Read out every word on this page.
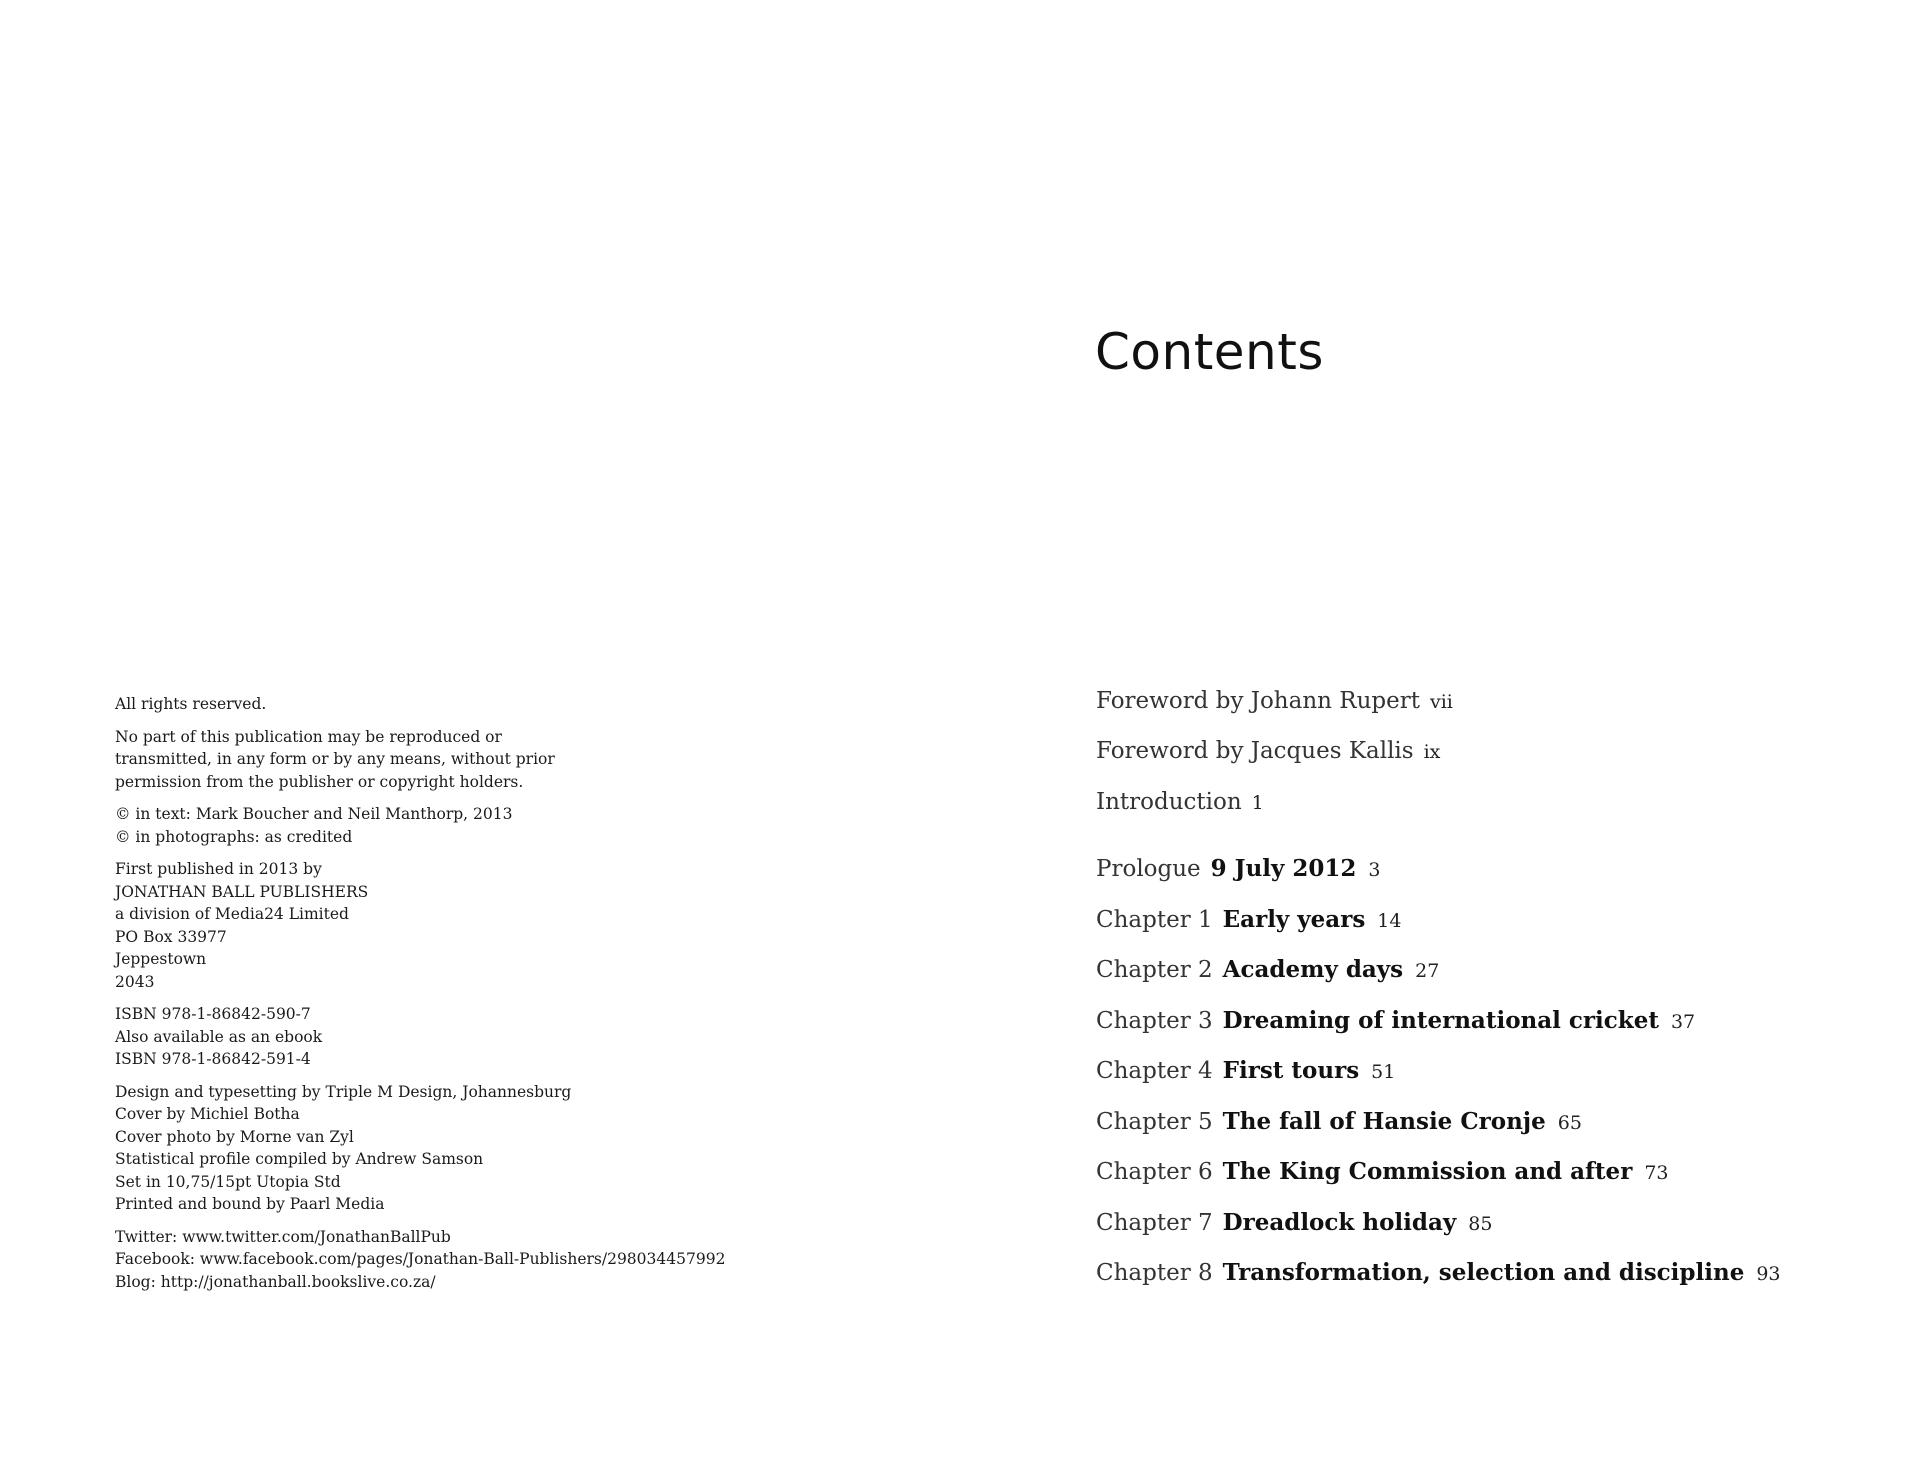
All rights reserved.

No part of this publication may be reproduced or
transmitted, in any form or by any means, without prior
permission from the publisher or copyright holders.

© in text: Mark Boucher and Neil Manthorp, 2013
© in photographs: as credited

First published in 2013 by
JONATHAN BALL PUBLISHERS
a division of Media24 Limited
PO Box 33977
Jeppestown
2043

ISBN 978-1-86842-590-7
Also available as an ebook
ISBN 978-1-86842-591-4

Design and typesetting by Triple M Design, Johannesburg
Cover by Michiel Botha
Cover photo by Morne van Zyl
Statistical profile compiled by Andrew Samson
Set in 10,75/15pt Utopia Std
Printed and bound by Paarl Media

Twitter: www.twitter.com/JonathanBallPub
Facebook: www.facebook.com/pages/Jonathan-Ball-Publishers/298034457992
Blog: http://jonathanball.bookslive.co.za/

Contents
Foreword by Johann Rupert vii
Foreword by Jacques Kallis ix
Introduction 1
Prologue 9 July 2012 3
Chapter 1 Early years 14
Chapter 2 Academy days 27
Chapter 3 Dreaming of international cricket 37
Chapter 4 First tours 51
Chapter 5 The fall of Hansie Cronje 65
Chapter 6 The King Commission and after 73
Chapter 7 Dreadlock holiday 85
Chapter 8 Transformation, selection and discipline 93
